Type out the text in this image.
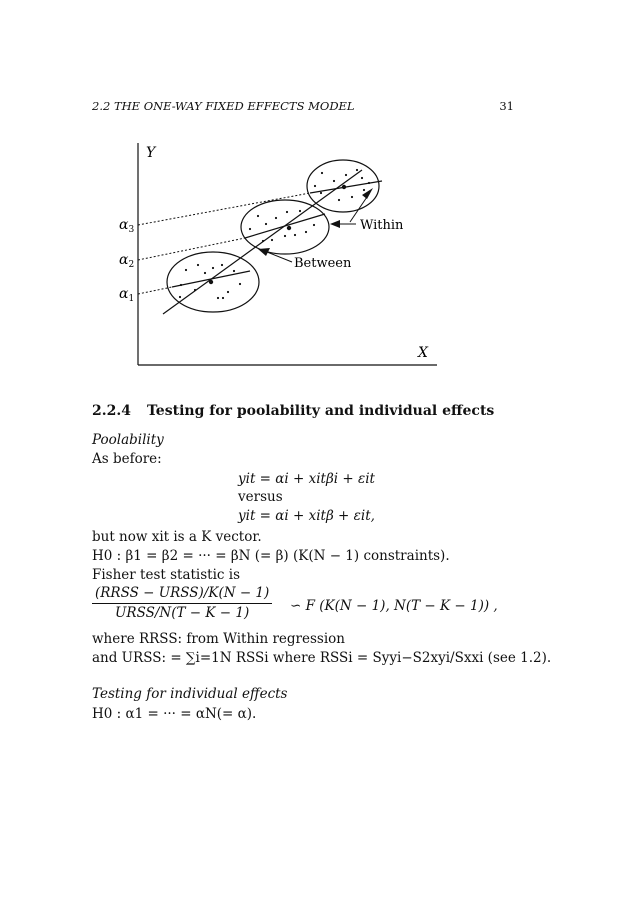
2.2 THE ONE-WAY FIXED EFFECTS MODEL	31
Y
X
$\alpha_3$
$\alpha_2$
$\alpha_1$
Within
Between
2.2.4 Testing for poolability and individual effects
Poolability
As before:
yit = αi + xitβi + εit
versus
yit = αi + xitβ + εit,
but now xit is a K vector.
H0 : β1 = β2 = ··· = βN (= β) (K(N − 1) constraints).
Fisher test statistic is
(RRSS − URSS)/K(N − 1)
URSS/N(T − K − 1)	∽ F (K(N − 1), N(T − K − 1)) ,
where RRSS: from Within regression
and URSS: = ∑i=1N RSSi where RSSi = Syyi−S2xyi/Sxxi (see 1.2).
Testing for individual effects
H0 : α1 = ··· = αN(= α).
